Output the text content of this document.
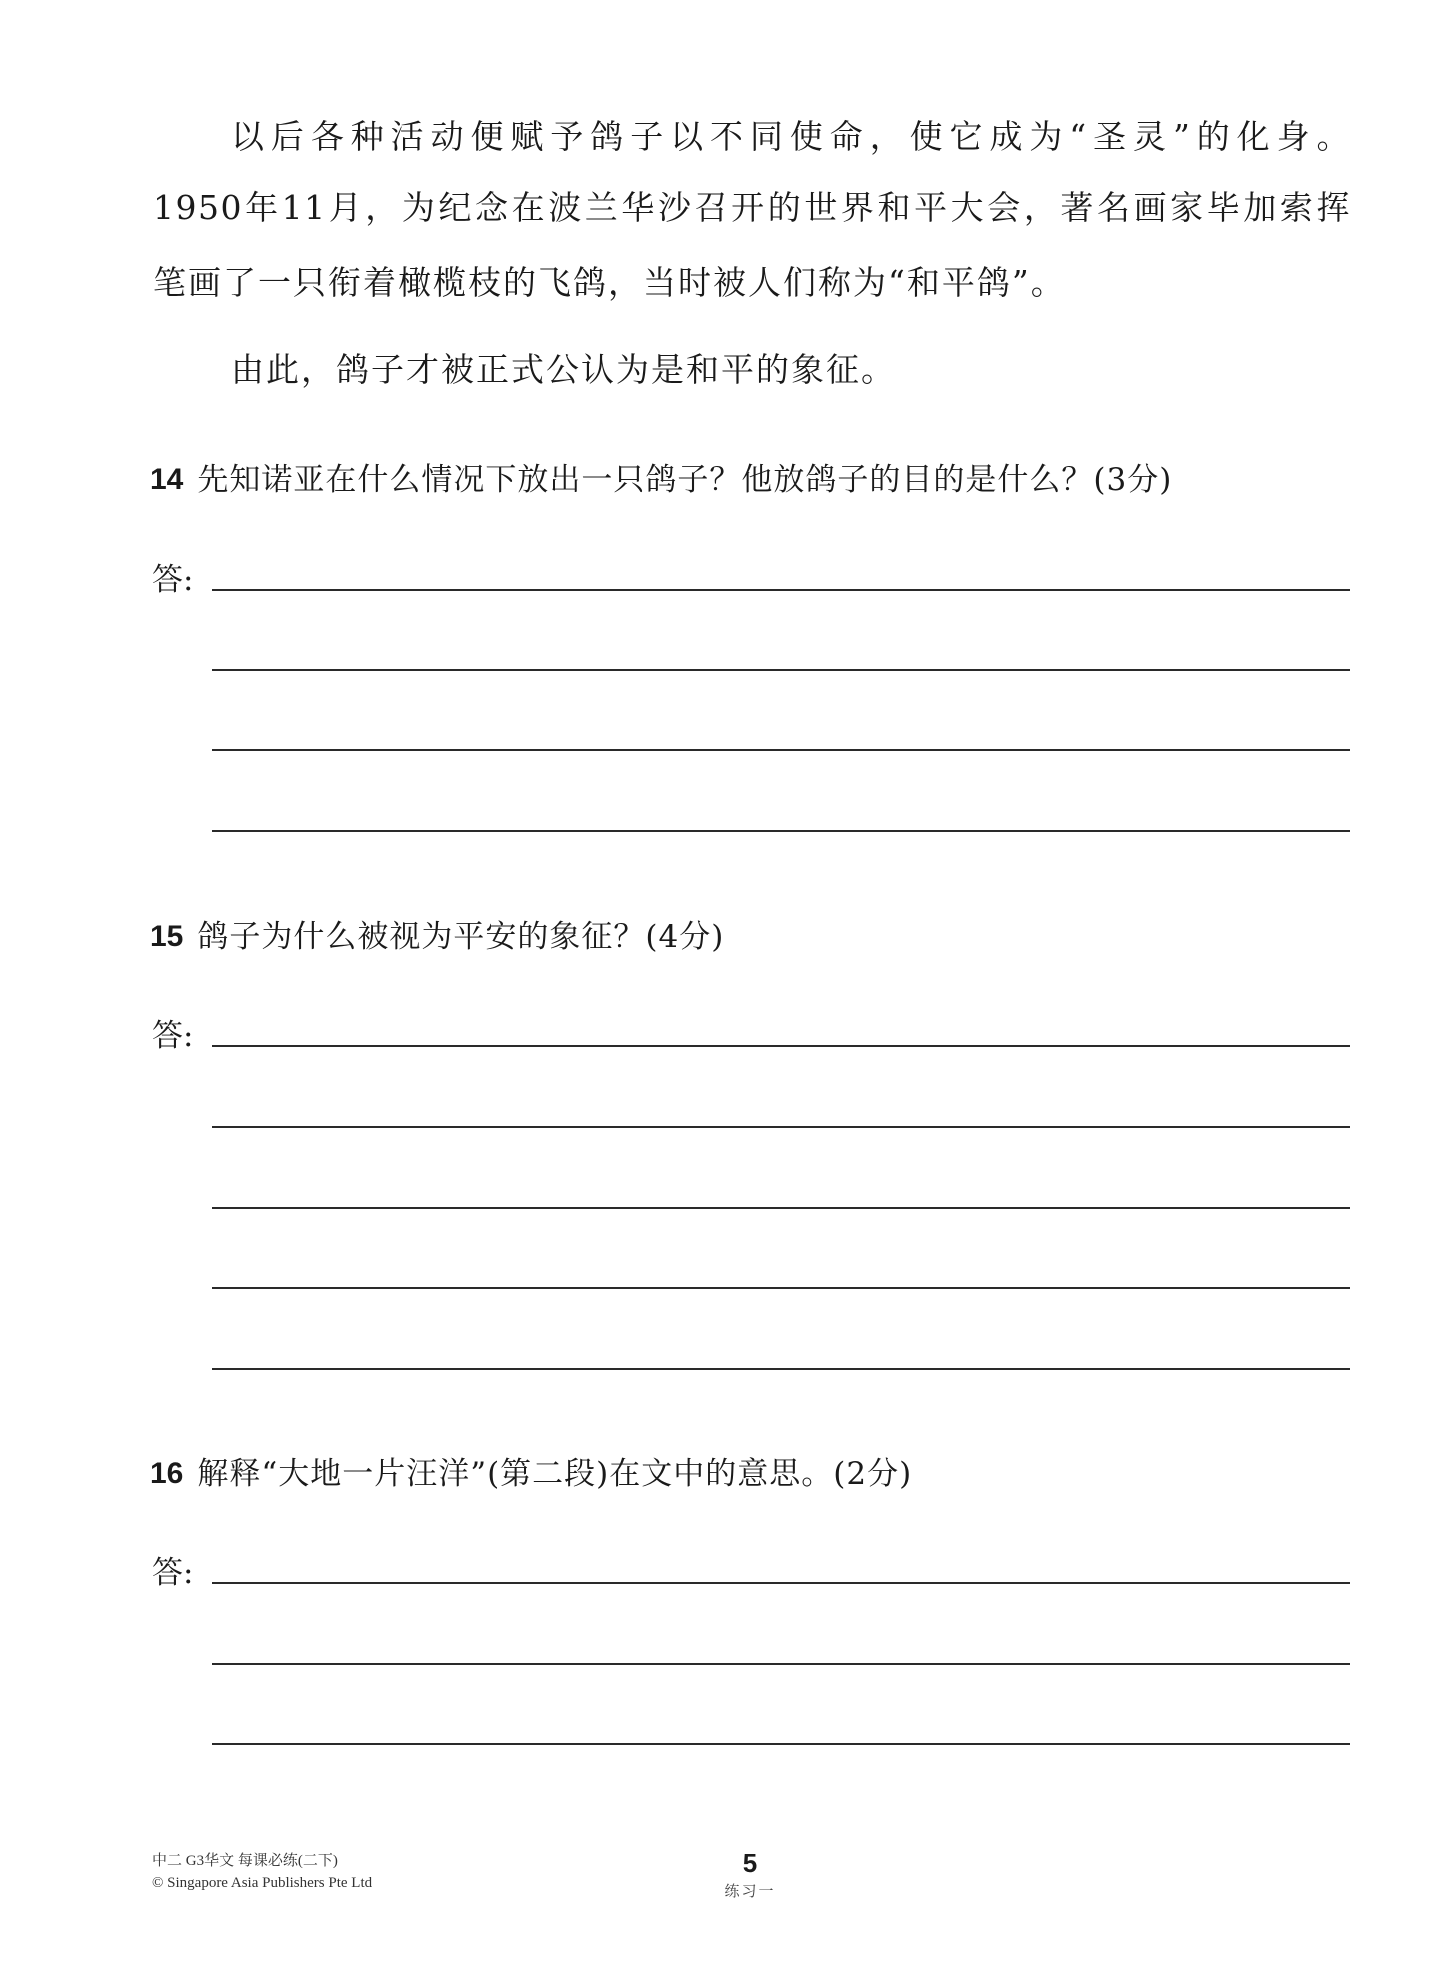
以后各种活动便赋予鸽子以不同使命，使它成为“圣灵”的化身。
1950年11月，为纪念在波兰华沙召开的世界和平大会，著名画家毕加索挥
笔画了一只衔着橄榄枝的飞鸽，当时被人们称为“和平鸽”。
由此，鸽子才被正式公认为是和平的象征。
14 先知诺亚在什么情况下放出一只鸽子？他放鸽子的目的是什么？(3分)
答:
15 鸽子为什么被视为平安的象征？(4分)
答:
16 解释“大地一片汪洋”(第二段)在文中的意思。(2分)
答:
中二 G3华文 每课必练(二下)
© Singapore Asia Publishers Pte Ltd
5
练习一
